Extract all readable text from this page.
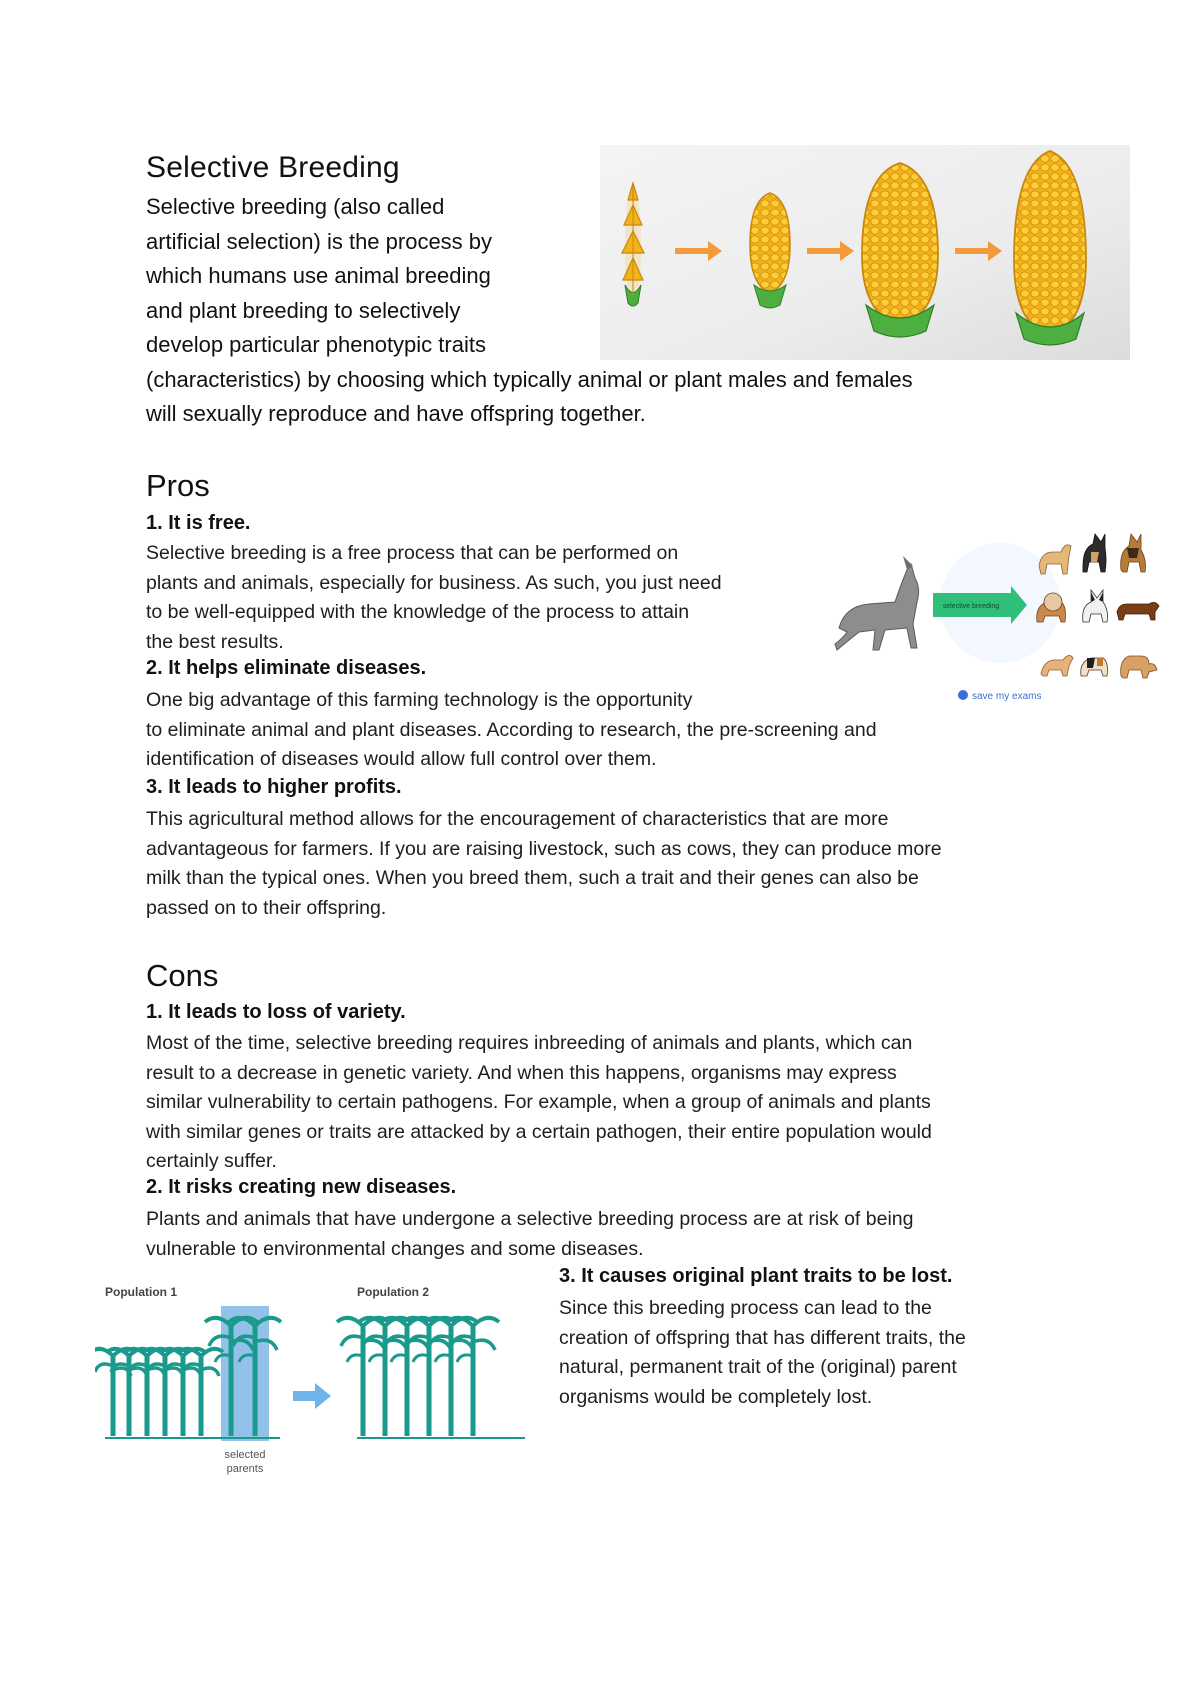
Selective Breeding
Selective breeding (also called
artificial selection) is the process by
which humans use animal breeding
and plant breeding to selectively
develop particular phenotypic traits
(characteristics) by choosing which typically animal or plant males and females
will sexually reproduce and have offspring together.
Pros
1. It is free.
Selective breeding is a free process that can be performed on
plants and animals, especially for business. As such, you just need
to be well-equipped with the knowledge of the process to attain
the best results.
2. It helps eliminate diseases.
One big advantage of this farming technology is the opportunity
to eliminate animal and plant diseases. According to research, the pre-screening and
identification of diseases would allow full control over them.
3. It leads to higher profits.
This agricultural method allows for the encouragement of characteristics that are more
advantageous for farmers. If you are raising livestock, such as cows, they can produce more
milk than the typical ones. When you breed them, such a trait and their genes can also be
passed on to their offspring.
selective breeding
save my exams
Cons
1. It leads to loss of variety.
Most of the time, selective breeding requires inbreeding of animals and plants, which can
result to a decrease in genetic variety. And when this happens, organisms may express
similar vulnerability to certain pathogens. For example, when a group of animals and plants
with similar genes or traits are attacked by a certain pathogen, their entire population would
certainly suffer.
2. It risks creating new diseases.
Plants and animals that have undergone a selective breeding process are at risk of being
vulnerable to environmental changes and some diseases.
3. It causes original plant traits to be lost.
Since this breeding process can lead to the
creation of offspring that has different traits, the
natural, permanent trait of the (original) parent
organisms would be completely lost.
Population 1	Population 2
selected
parents
